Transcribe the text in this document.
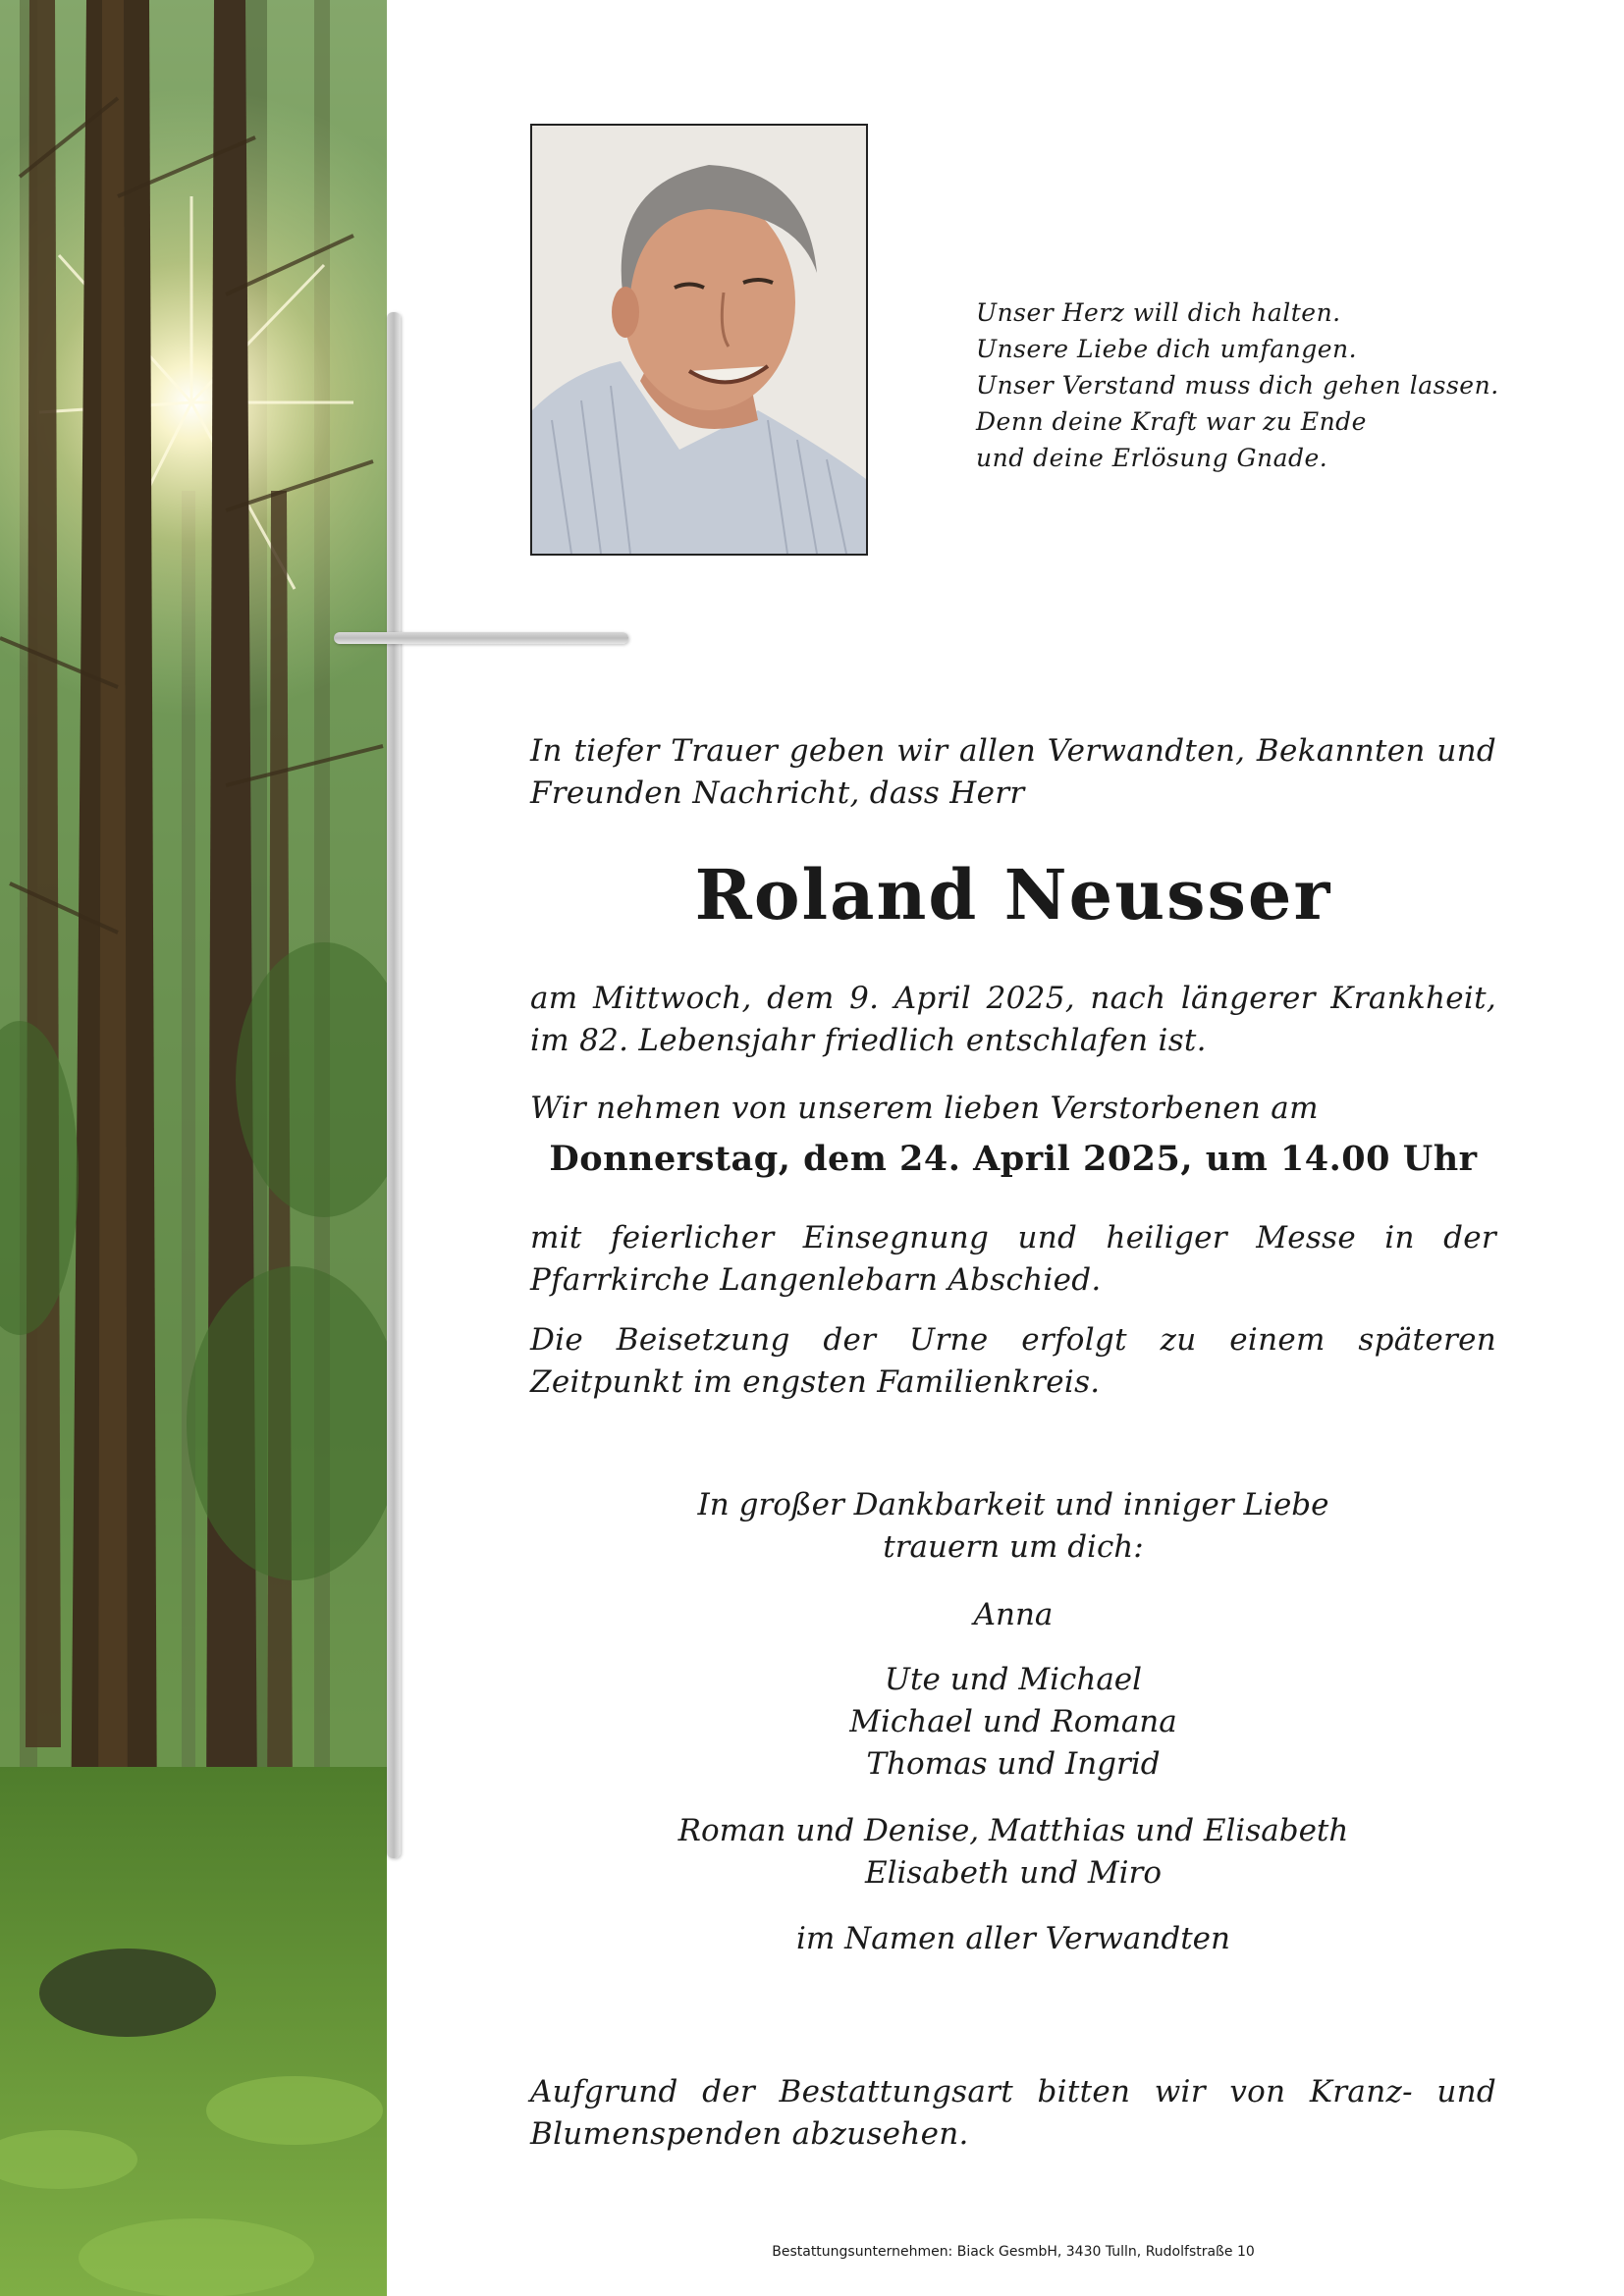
Unser Herz will dich halten.
Unsere Liebe dich umfangen.
Unser Verstand muss dich gehen lassen.
Denn deine Kraft war zu Ende
und deine Erlösung Gnade.
In tiefer Trauer geben wir allen Verwandten, Bekannten und Freunden Nachricht, dass Herr
Roland Neusser
am Mittwoch, dem 9. April 2025, nach längerer Krankheit, im 82. Lebensjahr friedlich entschlafen ist.
Wir nehmen von unserem lieben Verstorbenen am
Donnerstag, dem 24. April 2025, um 14.00 Uhr
mit feierlicher Einsegnung und heiliger Messe in der Pfarrkirche Langenlebarn Abschied.
Die Beisetzung der Urne erfolgt zu einem späteren Zeitpunkt im engsten Familienkreis.
In großer Dankbarkeit und inniger Liebe
trauern um dich:
Anna
Ute und Michael
Michael und Romana
Thomas und Ingrid
Roman und Denise, Matthias und Elisabeth
Elisabeth und Miro
im Namen aller Verwandten
Aufgrund der Bestattungsart bitten wir von Kranz- und Blumenspenden abzusehen.
Bestattungsunternehmen: Biack GesmbH, 3430 Tulln, Rudolfstraße 10
